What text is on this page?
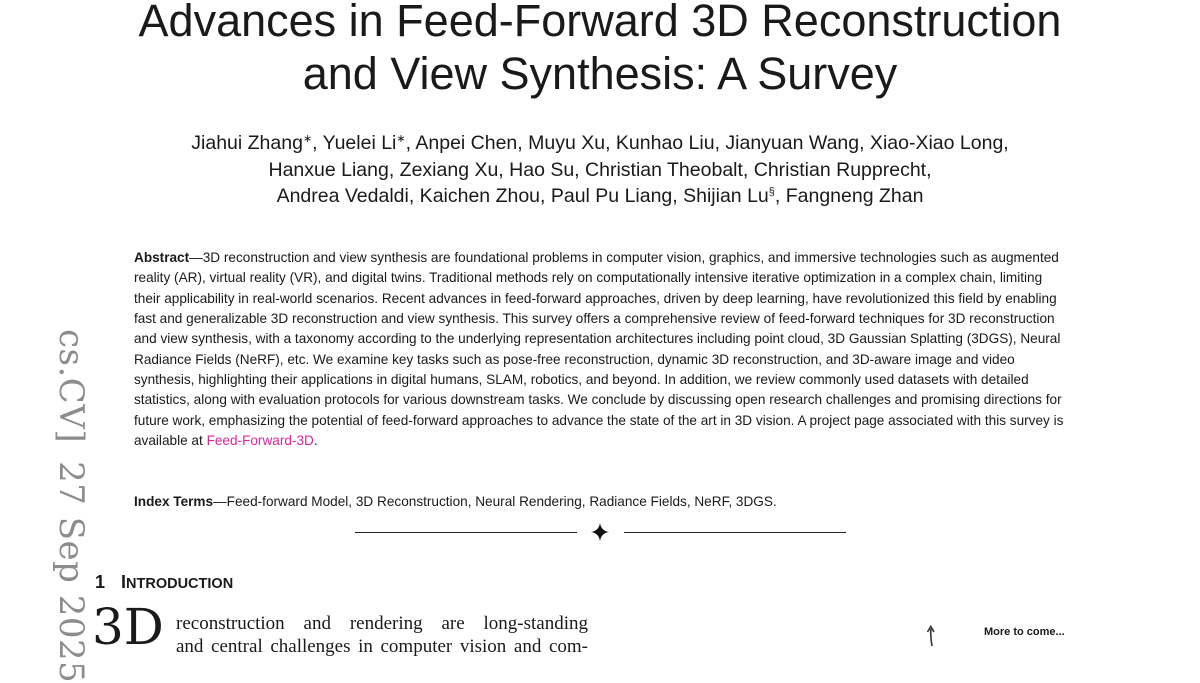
Advances in Feed-Forward 3D Reconstruction
and View Synthesis: A Survey
Jiahui Zhang∗, Yuelei Li∗, Anpei Chen, Muyu Xu, Kunhao Liu, Jianyuan Wang, Xiao-Xiao Long,
Hanxue Liang, Zexiang Xu, Hao Su, Christian Theobalt, Christian Rupprecht,
Andrea Vedaldi, Kaichen Zhou, Paul Pu Liang, Shijian Lu§, Fangneng Zhan
Abstract—3D reconstruction and view synthesis are foundational problems in computer vision, graphics, and immersive technologies such as augmented reality (AR), virtual reality (VR), and digital twins. Traditional methods rely on computationally intensive iterative optimization in a complex chain, limiting their applicability in real-world scenarios. Recent advances in feed-forward approaches, driven by deep learning, have revolutionized this field by enabling fast and generalizable 3D reconstruction and view synthesis. This survey offers a comprehensive review of feed-forward techniques for 3D reconstruction and view synthesis, with a taxonomy according to the underlying representation architectures including point cloud, 3D Gaussian Splatting (3DGS), Neural Radiance Fields (NeRF), etc. We examine key tasks such as pose-free reconstruction, dynamic 3D reconstruction, and 3D-aware image and video synthesis, highlighting their applications in digital humans, SLAM, robotics, and beyond. In addition, we review commonly used datasets with detailed statistics, along with evaluation protocols for various downstream tasks. We conclude by discussing open research challenges and promising directions for future work, emphasizing the potential of feed-forward approaches to advance the state of the art in 3D vision. A project page associated with this survey is available at Feed-Forward-3D.
Index Terms—Feed-forward Model, 3D Reconstruction, Neural Rendering, Radiance Fields, NeRF, 3DGS.
1 INTRODUCTION
3D reconstruction and rendering are long-standing
and central challenges in computer vision and com-
cs.CV]27 Sep 2025	More to come...
